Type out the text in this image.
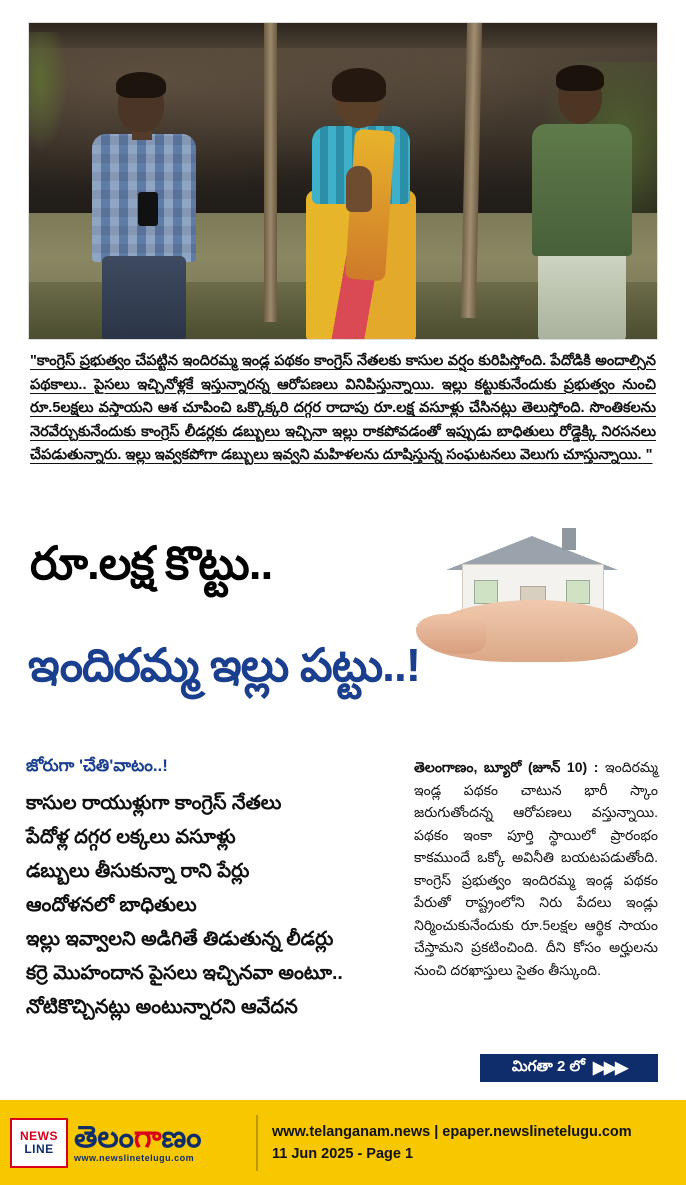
"కాంగ్రెస్ ప్రభుత్వం చేపట్టిన ఇందిరమ్మ ఇండ్ల పథకం కాంగ్రెస్ నేతలకు కాసుల వర్షం కురిపిస్తోంది. పేదోడికి అందాల్సిన పథకాలు.. పైసలు ఇచ్చినోళ్లకే ఇస్తున్నారన్న ఆరోపణలు వినిపిస్తున్నాయి. ఇల్లు కట్టుకునేందుకు ప్రభుత్వం నుంచి రూ.5లక్షలు వస్తాయని ఆశ చూపించి ఒక్కొక్కరి దగ్గర రాదాపు రూ.లక్ష వసూళ్లు చేసినట్లు తెలుస్తోంది. సొంతికలను నెరవేర్చుకునేందుకు కాంగ్రెస్ లీడర్లకు డబ్బులు ఇచ్చినా ఇల్లు రాకపోవడంతో ఇప్పుడు బాధితులు రోడ్డెక్కి నిరసనలు చేపడుతున్నారు. ఇల్లు ఇవ్వకపోగా డబ్బులు ఇవ్వని మహిళలను దూషిస్తున్న సంఘటనలు వెలుగు చూస్తున్నాయి. "
రూ.లక్ష కొట్టు..
ఇందిరమ్మ ఇల్లు పట్టు..!
జోరుగా 'చేతి'వాటం..!
కాసుల రాయుళ్లుగా కాంగ్రెస్ నేతలు
పేదోళ్ల దగ్గర లక్కలు వసూళ్లు
డబ్బులు తీసుకున్నా రాని పేర్లు
ఆందోళనలో బాధితులు
ఇల్లు ఇవ్వాలని అడిగితే తిడుతున్న లీడర్లు
కర్రె మొహందాన పైసలు ఇచ్చినవా అంటూ..
నోటికొచ్చినట్లు అంటున్నారని ఆవేదన
తెలంగాణం, బ్యూరో (జూన్ 10) : ఇందిరమ్మ ఇండ్ల పథకం చాటున భారీ స్కాం జరుగుతోందన్న ఆరోపణలు వస్తున్నాయి. పథకం ఇంకా పూర్తి స్థాయిలో ప్రారంభం కాకముందే ఒక్కో అవినీతి బయటపడుతోంది. కాంగ్రెస్ ప్రభుత్వం ఇందిరమ్మ ఇండ్ల పథకం పేరుతో రాష్ట్రంలోని నిరు పేదలు ఇండ్లు నిర్మించుకునేందుకు రూ.5లక్షల ఆర్థిక సాయం చేస్తామని ప్రకటించింది. దీని కోసం అర్హులను నుంచి దరఖాస్తులు సైతం తీస్కుంది.
మిగతా 2 లో ▶▶▶
NEWS
LINE తెలంగాణం
www.newslinetelugu.com
www.telanganam.news | epaper.newslinetelugu.com
11 Jun 2025 - Page 1
